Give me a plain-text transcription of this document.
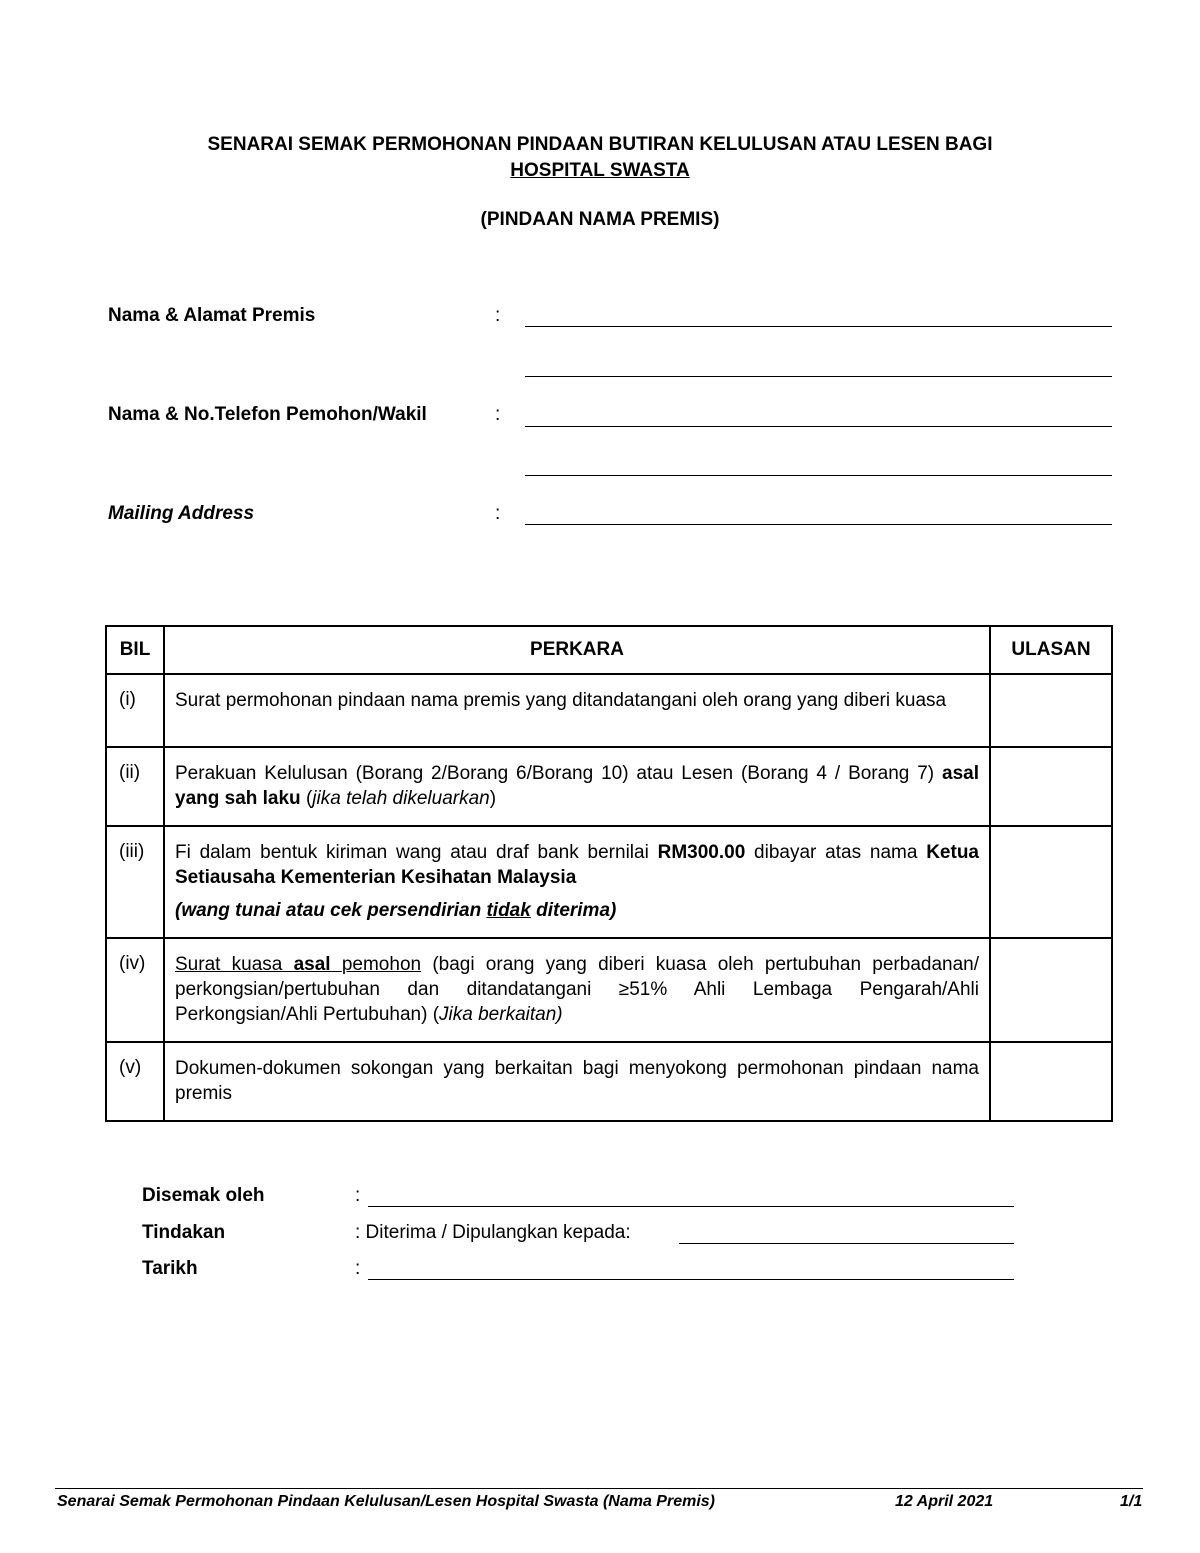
SENARAI SEMAK PERMOHONAN PINDAAN BUTIRAN KELULUSAN ATAU LESEN BAGI
HOSPITAL SWASTA
(PINDAAN NAMA PREMIS)
Nama & Alamat Premis	:
Nama & No.Telefon Pemohon/Wakil	:
Mailing Address	:
BIL	PERKARA	ULASAN
(i)	Surat permohonan pindaan nama premis yang ditandatangani oleh orang yang diberi kuasa	
(ii)	Perakuan Kelulusan (Borang 2/Borang 6/Borang 10) atau Lesen (Borang 4 / Borang 7) asal yang sah laku (jika telah dikeluarkan)	
(iii)	Fi dalam bentuk kiriman wang atau draf bank bernilai RM300.00 dibayar atas nama Ketua Setiausaha Kementerian Kesihatan Malaysia
(wang tunai atau cek persendirian tidak diterima)	

(iv)	Surat kuasa asal pemohon (bagi orang yang diberi kuasa oleh pertubuhan perbadanan/ perkongsian/pertubuhan dan ditandatangani ≥51% Ahli Lembaga Pengarah/Ahli Perkongsian/Ahli Pertubuhan) (Jika berkaitan)	
(v)	Dokumen-dokumen sokongan yang berkaitan bagi menyokong permohonan pindaan nama premis	
Disemak oleh	:
Tindakan	: Diterima / Dipulangkan kepada:
Tarikh	:
Senarai Semak Permohonan Pindaan Kelulusan/Lesen Hospital Swasta (Nama Premis)	12 April 2021	1/1
